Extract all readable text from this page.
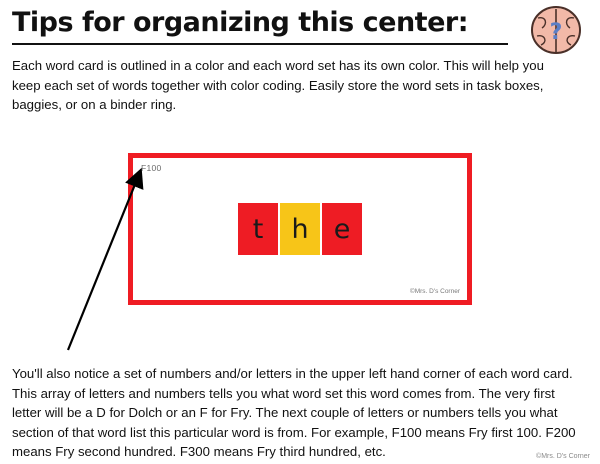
Tips for organizing this center:	?

Each word card is outlined in a color and each word set has its own color. This will help you keep each set of words together with color coding. Easily store the word sets in task boxes, baggies, or on a binder ring.

F100
t	h e
©Mrs. D's Corner

You'll also notice a set of numbers and/or letters in the upper left hand corner of each word card. This array of letters and numbers tells you what word set this word comes from. The very first letter will be a D for Dolch or an F for Fry. The next couple of letters or numbers tells you what section of that word list this particular word is from. For example, F100 means Fry first 100. F200 means Fry second hundred. F300 means Fry third hundred, etc.	©Mrs. D's Corner
